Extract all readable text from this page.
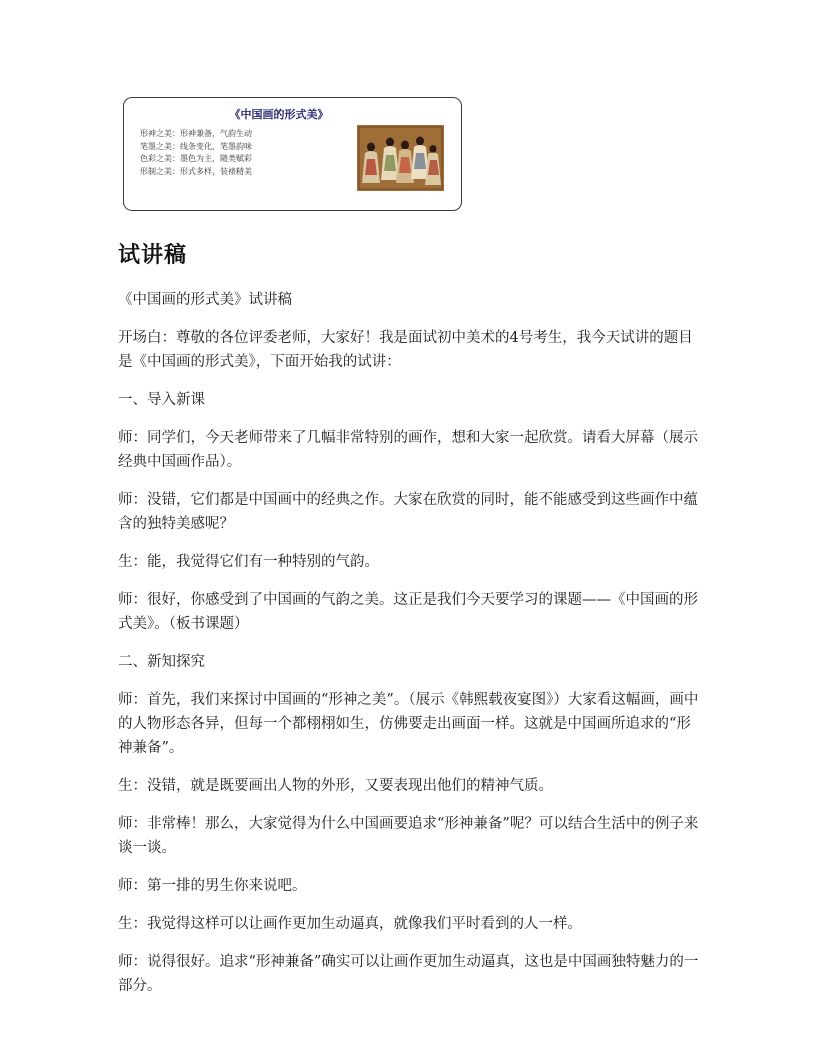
《中国画的形式美》
形神之美：形神兼备，气韵生动
笔墨之美：线条变化，笔墨韵味
色彩之美：墨色为主，随类赋彩
形制之美：形式多样，装裱精美
试讲稿

《中国画的形式美》试讲稿

开场白：尊敬的各位评委老师，大家好！我是面试初中美术的4号考生，我今天试讲的题目是《中国画的形式美》，下面开始我的试讲：

一、导入新课

师：同学们，今天老师带来了几幅非常特别的画作，想和大家一起欣赏。请看大屏幕（展示经典中国画作品）。

师：没错，它们都是中国画中的经典之作。大家在欣赏的同时，能不能感受到这些画作中蕴含的独特美感呢？

生：能，我觉得它们有一种特别的气韵。

师：很好，你感受到了中国画的气韵之美。这正是我们今天要学习的课题——《中国画的形式美》。（板书课题）

二、新知探究

师：首先，我们来探讨中国画的“形神之美”。（展示《韩熙载夜宴图》）大家看这幅画，画中的人物形态各异，但每一个都栩栩如生，仿佛要走出画面一样。这就是中国画所追求的“形神兼备”。

生：没错，就是既要画出人物的外形，又要表现出他们的精神气质。

师：非常棒！那么，大家觉得为什么中国画要追求“形神兼备”呢？可以结合生活中的例子来谈一谈。

师：第一排的男生你来说吧。

生：我觉得这样可以让画作更加生动逼真，就像我们平时看到的人一样。

师：说得很好。追求“形神兼备”确实可以让画作更加生动逼真，这也是中国画独特魅力的一部分。
